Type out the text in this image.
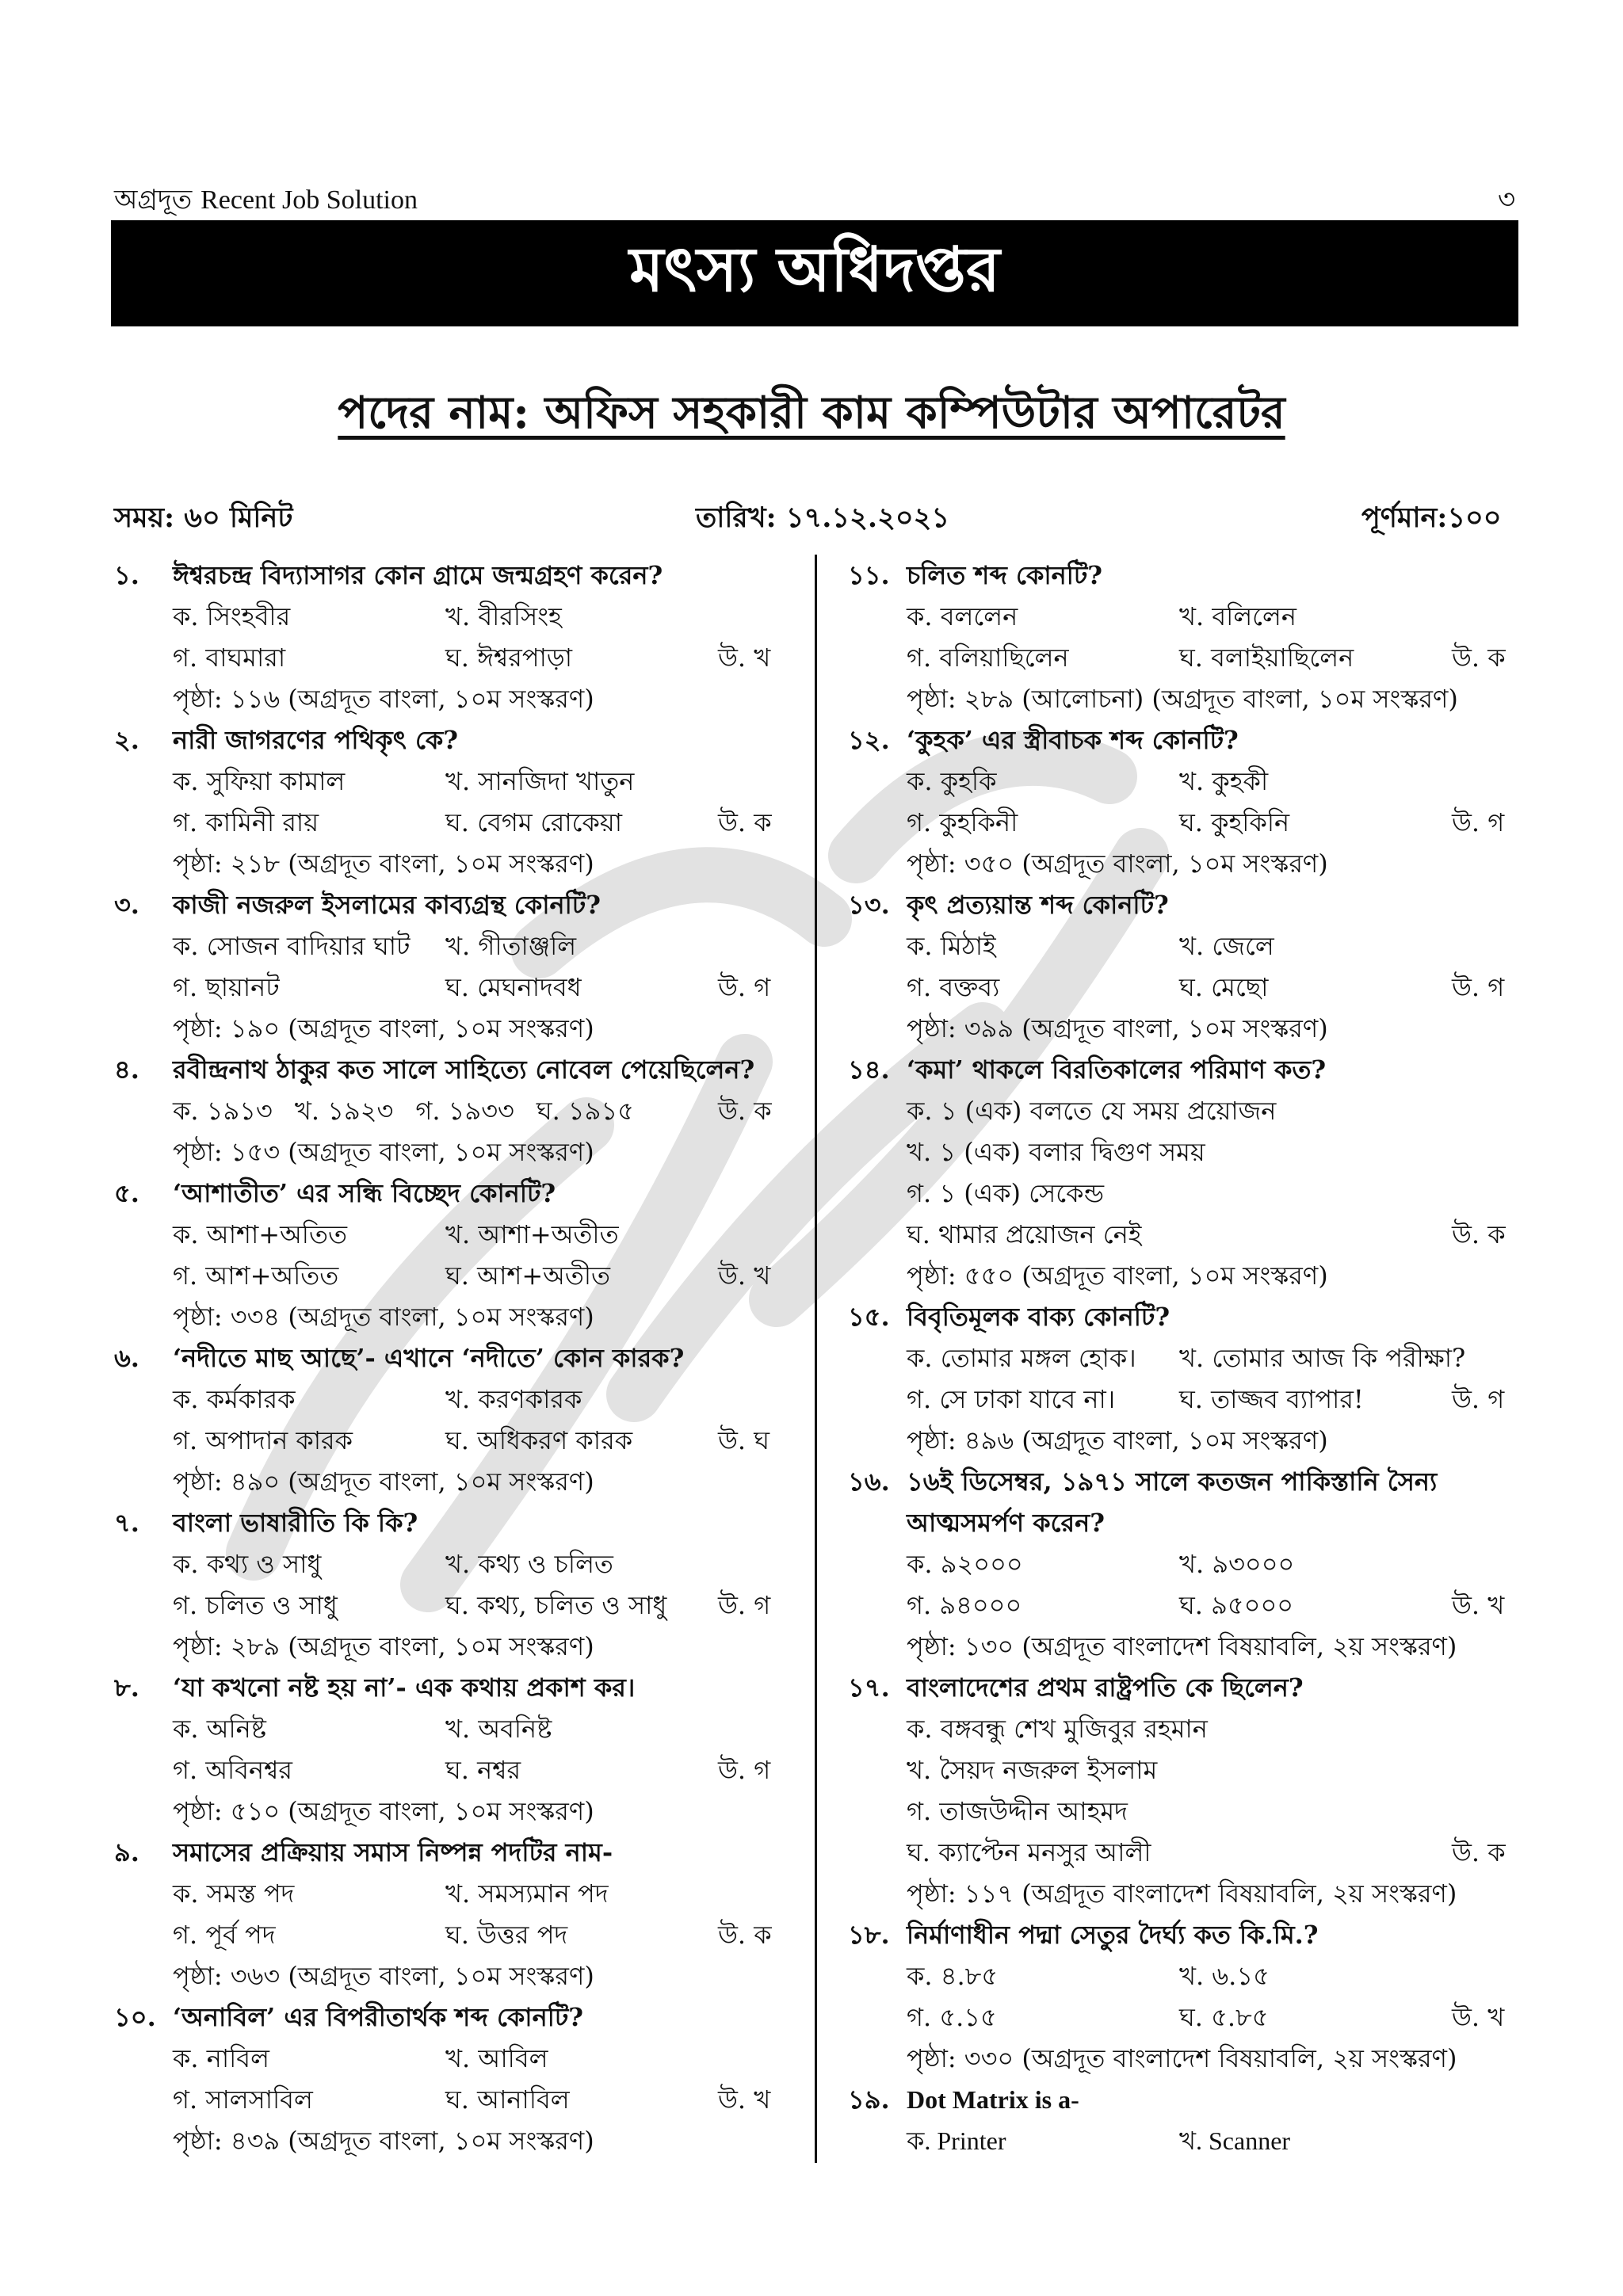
অগ্রদূত Recent Job Solution	৩
মৎস্য অধিদপ্তর
পদের নাম: অফিস সহকারী কাম কম্পিউটার অপারেটর
সময়: ৬০ মিনিট	তারিখ: ১৭.১২.২০২১	পূর্ণমান:১০০
১. ঈশ্বরচন্দ্র বিদ্যাসাগর কোন গ্রামে জন্মগ্রহণ করেন?
ক. সিংহবীর	খ. বীরসিংহ
গ. বাঘমারা	ঘ. ঈশ্বরপাড়া	উ. খ
পৃষ্ঠা: ১১৬ (অগ্রদূত বাংলা, ১০ম সংস্করণ)
২. নারী জাগরণের পথিকৃৎ কে?
ক. সুফিয়া কামাল	খ. সানজিদা খাতুন
গ. কামিনী রায়	ঘ. বেগম রোকেয়া	উ. ক
পৃষ্ঠা: ২১৮ (অগ্রদূত বাংলা, ১০ম সংস্করণ)
৩. কাজী নজরুল ইসলামের কাব্যগ্রন্থ কোনটি?
ক. সোজন বাদিয়ার ঘাট খ. গীতাঞ্জলি
গ. ছায়ানট	ঘ. মেঘনাদবধ	উ. গ
পৃষ্ঠা: ১৯০ (অগ্রদূত বাংলা, ১০ম সংস্করণ)
৪. রবীন্দ্রনাথ ঠাকুর কত সালে সাহিত্যে নোবেল পেয়েছিলেন?
ক. ১৯১৩ খ. ১৯২৩ গ. ১৯৩৩ ঘ. ১৯১৫	উ. ক
পৃষ্ঠা: ১৫৩ (অগ্রদূত বাংলা, ১০ম সংস্করণ)
৫. ‘আশাতীত’ এর সন্ধি বিচ্ছেদ কোনটি?
ক. আশা+অতিত	খ. আশা+অতীত
গ. আশ+অতিত	ঘ. আশ+অতীত	উ. খ
পৃষ্ঠা: ৩৩৪ (অগ্রদূত বাংলা, ১০ম সংস্করণ)
৬. ‘নদীতে মাছ আছে’- এখানে ‘নদীতে’ কোন কারক?
ক. কর্মকারক	খ. করণকারক
গ. অপাদান কারক	ঘ. অধিকরণ কারক	উ. ঘ
পৃষ্ঠা: ৪৯০ (অগ্রদূত বাংলা, ১০ম সংস্করণ)
৭. বাংলা ভাষারীতি কি কি?
ক. কথ্য ও সাধু	খ. কথ্য ও চলিত
গ. চলিত ও সাধু	ঘ. কথ্য, চলিত ও সাধু উ. গ
পৃষ্ঠা: ২৮৯ (অগ্রদূত বাংলা, ১০ম সংস্করণ)
৮. ‘যা কখনো নষ্ট হয় না’- এক কথায় প্রকাশ কর।
ক. অনিষ্ট	খ. অবনিষ্ট
গ. অবিনশ্বর	ঘ. নশ্বর	উ. গ
পৃষ্ঠা: ৫১০ (অগ্রদূত বাংলা, ১০ম সংস্করণ)
৯. সমাসের প্রক্রিয়ায় সমাস নিষ্পন্ন পদটির নাম-
ক. সমস্ত পদ	খ. সমস্যমান পদ
গ. পূর্ব পদ	ঘ. উত্তর পদ	উ. ক
পৃষ্ঠা: ৩৬৩ (অগ্রদূত বাংলা, ১০ম সংস্করণ)
১০. ‘অনাবিল’ এর বিপরীতার্থক শব্দ কোনটি?
ক. নাবিল	খ. আবিল
গ. সালসাবিল	ঘ. আনাবিল	উ. খ
পৃষ্ঠা: ৪৩৯ (অগ্রদূত বাংলা, ১০ম সংস্করণ)
১১. চলিত শব্দ কোনটি?
ক. বললেন	খ. বলিলেন
গ. বলিয়াছিলেন	ঘ. বলাইয়াছিলেন	উ. ক
পৃষ্ঠা: ২৮৯ (আলোচনা) (অগ্রদূত বাংলা, ১০ম সংস্করণ)
১২. ‘কুহক’ এর স্ত্রীবাচক শব্দ কোনটি?
ক. কুহকি	খ. কুহকী
গ. কুহকিনী	ঘ. কুহকিনি	উ. গ
পৃষ্ঠা: ৩৫০ (অগ্রদূত বাংলা, ১০ম সংস্করণ)
১৩. কৃৎ প্রত্যয়ান্ত শব্দ কোনটি?
ক. মিঠাই	খ. জেলে
গ. বক্তব্য	ঘ. মেছো	উ. গ
পৃষ্ঠা: ৩৯৯ (অগ্রদূত বাংলা, ১০ম সংস্করণ)
১৪. ‘কমা’ থাকলে বিরতিকালের পরিমাণ কত?
ক. ১ (এক) বলতে যে সময় প্রয়োজন
খ. ১ (এক) বলার দ্বিগুণ সময়
গ. ১ (এক) সেকেন্ড
ঘ. থামার প্রয়োজন নেই	উ. ক
পৃষ্ঠা: ৫৫০ (অগ্রদূত বাংলা, ১০ম সংস্করণ)
১৫. বিবৃতিমূলক বাক্য কোনটি?
ক. তোমার মঙ্গল হোক। খ. তোমার আজ কি পরীক্ষা?
গ. সে ঢাকা যাবে না।	ঘ. তাজ্জব ব্যাপার!	উ. গ
পৃষ্ঠা: ৪৯৬ (অগ্রদূত বাংলা, ১০ম সংস্করণ)
১৬. ১৬ই ডিসেম্বর, ১৯৭১ সালে কতজন পাকিস্তানি সৈন্য
আত্মসমর্পণ করেন?
ক. ৯২০০০	খ. ৯৩০০০
গ. ৯৪০০০	ঘ. ৯৫০০০	উ. খ
পৃষ্ঠা: ১৩০ (অগ্রদূত বাংলাদেশ বিষয়াবলি, ২য় সংস্করণ)
১৭. বাংলাদেশের প্রথম রাষ্ট্রপতি কে ছিলেন?
ক. বঙ্গবন্ধু শেখ মুজিবুর রহমান
খ. সৈয়দ নজরুল ইসলাম
গ. তাজউদ্দীন আহমদ
ঘ. ক্যাপ্টেন মনসুর আলী	উ. ক
পৃষ্ঠা: ১১৭ (অগ্রদূত বাংলাদেশ বিষয়াবলি, ২য় সংস্করণ)
১৮. নির্মাণাধীন পদ্মা সেতুর দৈর্ঘ্য কত কি.মি.?
ক. ৪.৮৫	খ. ৬.১৫
গ. ৫.১৫	ঘ. ৫.৮৫	উ. খ
পৃষ্ঠা: ৩৩০ (অগ্রদূত বাংলাদেশ বিষয়াবলি, ২য় সংস্করণ)
১৯. Dot Matrix is a-
ক. Printer	খ. Scanner
